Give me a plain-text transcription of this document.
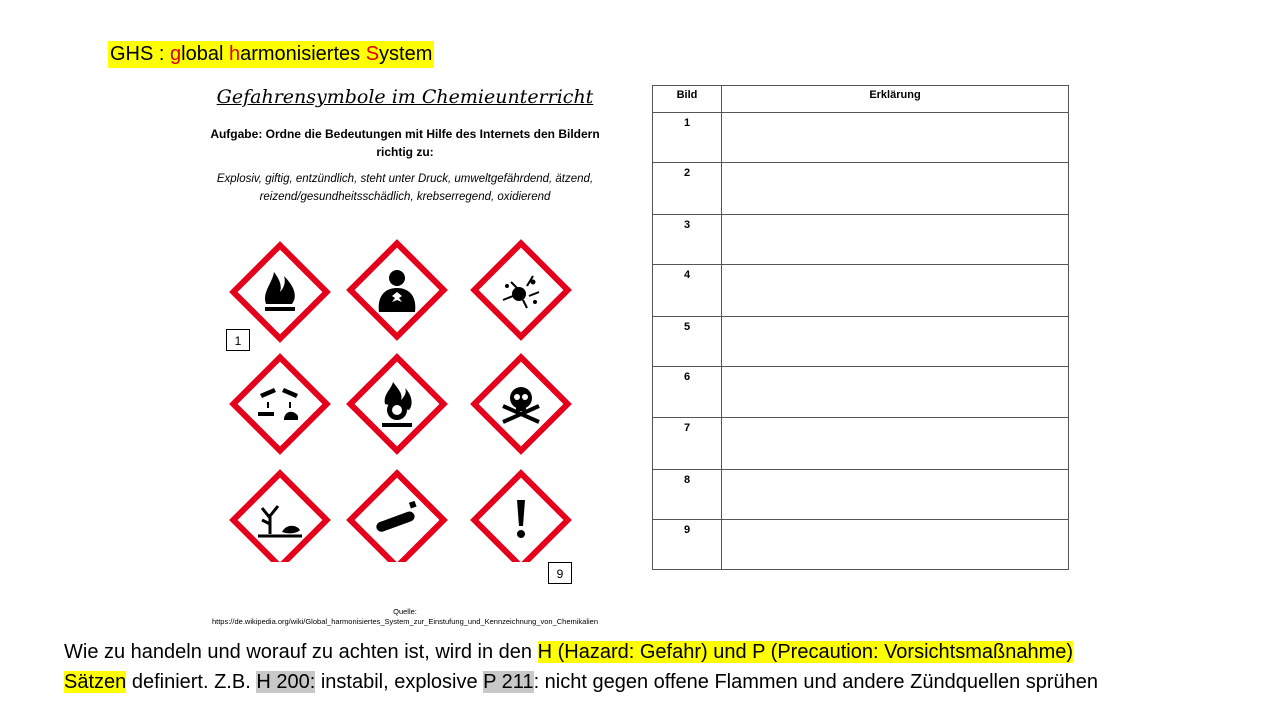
GHS : global harmonisiertes System
Gefahrensymbole im Chemieunterricht
Aufgabe: Ordne die Bedeutungen mit Hilfe des Internets den Bildern
richtig zu:
Explosiv, giftig, entzündlich, steht unter Druck, umweltgefährdend, ätzend,
reizend/gesundheitsschädlich, krebserregend, oxidierend
1
9
Quelle:
https://de.wikipedia.org/wiki/Global_harmonisiertes_System_zur_Einstufung_und_Kennzeichnung_von_Chemikalien
Bild	Erklärung
1	
2	
3	
4	
5	
6	
7	
8	
9	
Wie zu handeln und worauf zu achten ist, wird in den H (Hazard: Gefahr) und P (Precaution: Vorsichtsmaßnahme)
Sätzen definiert. Z.B. H 200: instabil, explosive P 211: nicht gegen offene Flammen und andere Zündquellen sprühen
